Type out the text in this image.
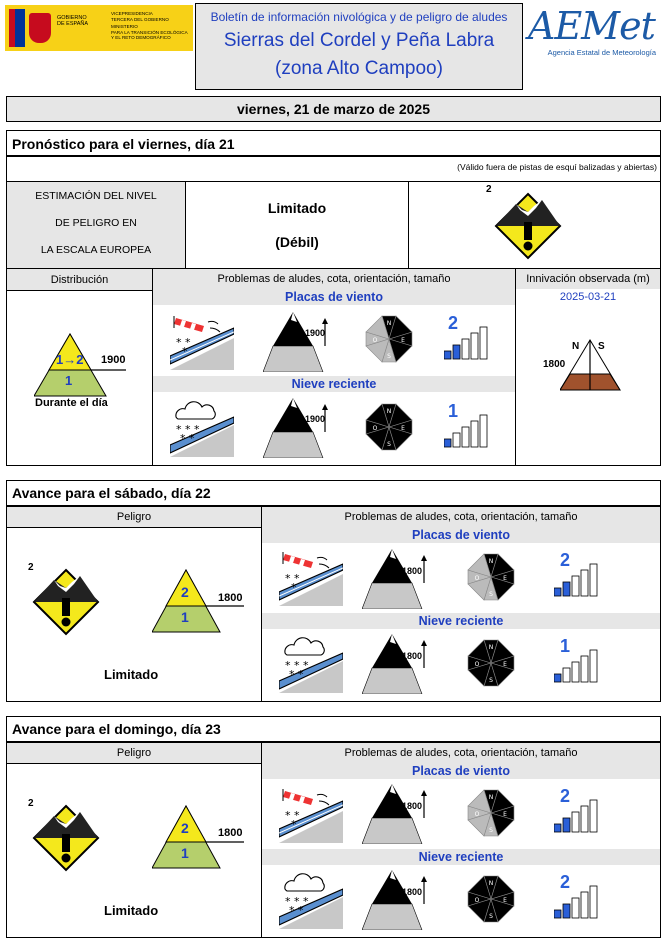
GOBIERNO
DE ESPAÑA
VICEPRESIDENCIA
TERCERA DEL GOBIERNO
MINISTERIO
PARA LA TRANSICIÓN ECOLÓGICA
Y EL RETO DEMOGRÁFICO
Boletín de información nivológica y de peligro de aludes
Sierras del Cordel y Peña Labra
(zona Alto Campoo)
AEMet
Agencia Estatal de Meteorología
viernes, 21 de marzo de 2025
Pronóstico para el viernes, día 21
(Válido fuera de pistas de esquí balizadas y abiertas)
ESTIMACIÓN DEL NIVEL
DE PELIGRO EN
LA ESCALA EUROPEA
Limitado
(Débil)
2
Distribución	Problemas de aludes, cota, orientación, tamaño	Innivación observada (m)
1→2
1
1900
Durante el día
Placas de viento
1900
N
E
S
O
2
Nieve reciente
1900
N
E
S
O
1
2025-03-21
N S
1800
Avance para el sábado, día 22
Peligro	Problemas de aludes, cota, orientación, tamaño
2
2
1
1800
Limitado
Placas de viento
1800
N
E
S
O
2
Nieve reciente
1800
N
E
S
O
1
Avance para el domingo, día 23
Peligro	Problemas de aludes, cota, orientación, tamaño
2
2
1
1800
Limitado
Placas de viento
1800
N
E
S
O
2
Nieve reciente
1800
N
E
S
O
2
